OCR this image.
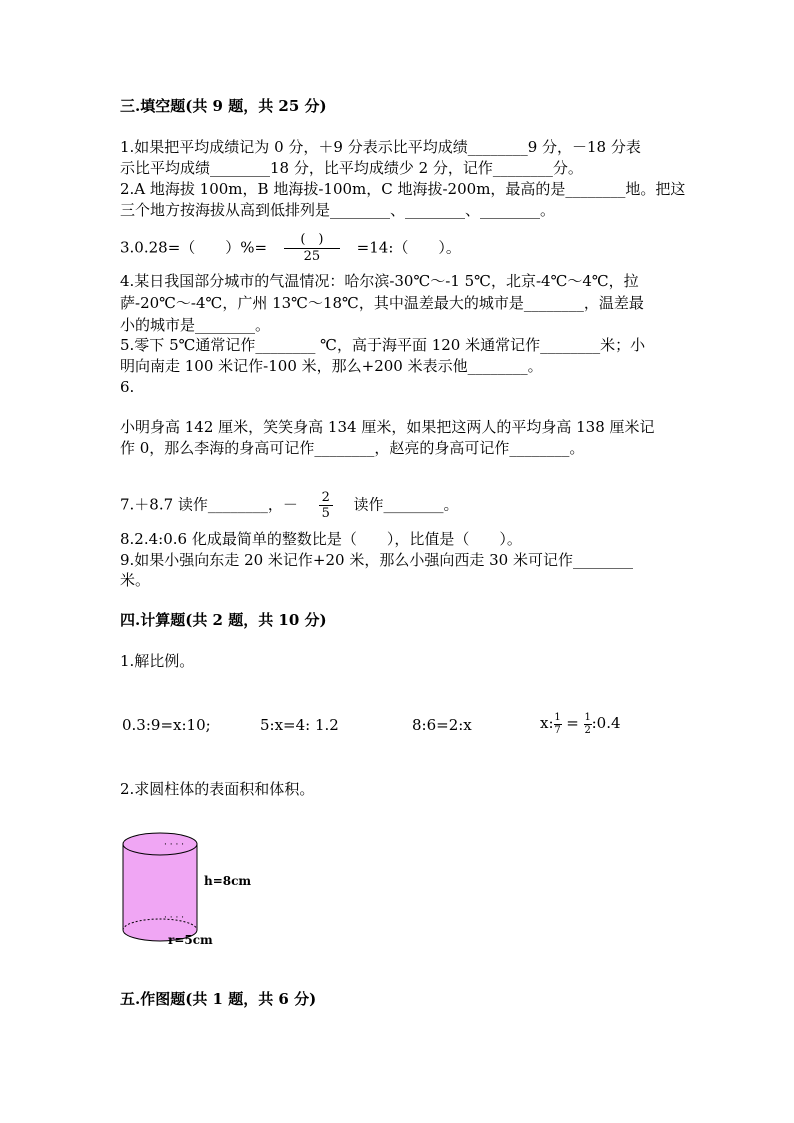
三.填空题(共 9 题，共 25 分)
1.如果把平均成绩记为 0 分，＋9 分表示比平均成绩________9 分，－18 分表
示比平均成绩________18 分，比平均成绩少 2 分，记作________分。
2.A 地海拔 100m，B 地海拔-100m，C 地海拔-200m，最高的是________地。把这
三个地方按海拔从高到低排列是________、________、________。
3.0.28=（　　）%= $\frac{( )}{25}$ =14:（　　）。
4.某日我国部分城市的气温情况：哈尔滨-30℃～-1 5℃，北京-4℃～4℃，拉
萨-20℃～-4℃，广州 13℃～18℃，其中温差最大的城市是________，温差最
小的城市是________。
5.零下 5℃通常记作________ ℃，高于海平面 120 米通常记作________米；小
明向南走 100 米记作-100 米，那么+200 米表示他________。
6.
小明身高 142 厘米，笑笑身高 134 厘米，如果把这两人的平均身高 138 厘米记
作 0，那么李海的身高可记作________，赵亮的身高可记作________。
7.＋8.7 读作________，－ $\frac{2}{5}$ 读作________。
8.2.4:0.6 化成最简单的整数比是（　　），比值是（　　）。
9.如果小强向东走 20 米记作+20 米，那么小强向西走 30 米可记作________
米。
四.计算题(共 2 题，共 10 分)
1.解比例。
0.3:9=x:10;	5:x=4: 1.2	8:6=2:x	x: $\frac{1}{7} = \frac{1}{2}$ :0.4
2.求圆柱体的表面积和体积。
· · · ·
· · · ·
h=8cm
r=5cm
五.作图题(共 1 题，共 6 分)
